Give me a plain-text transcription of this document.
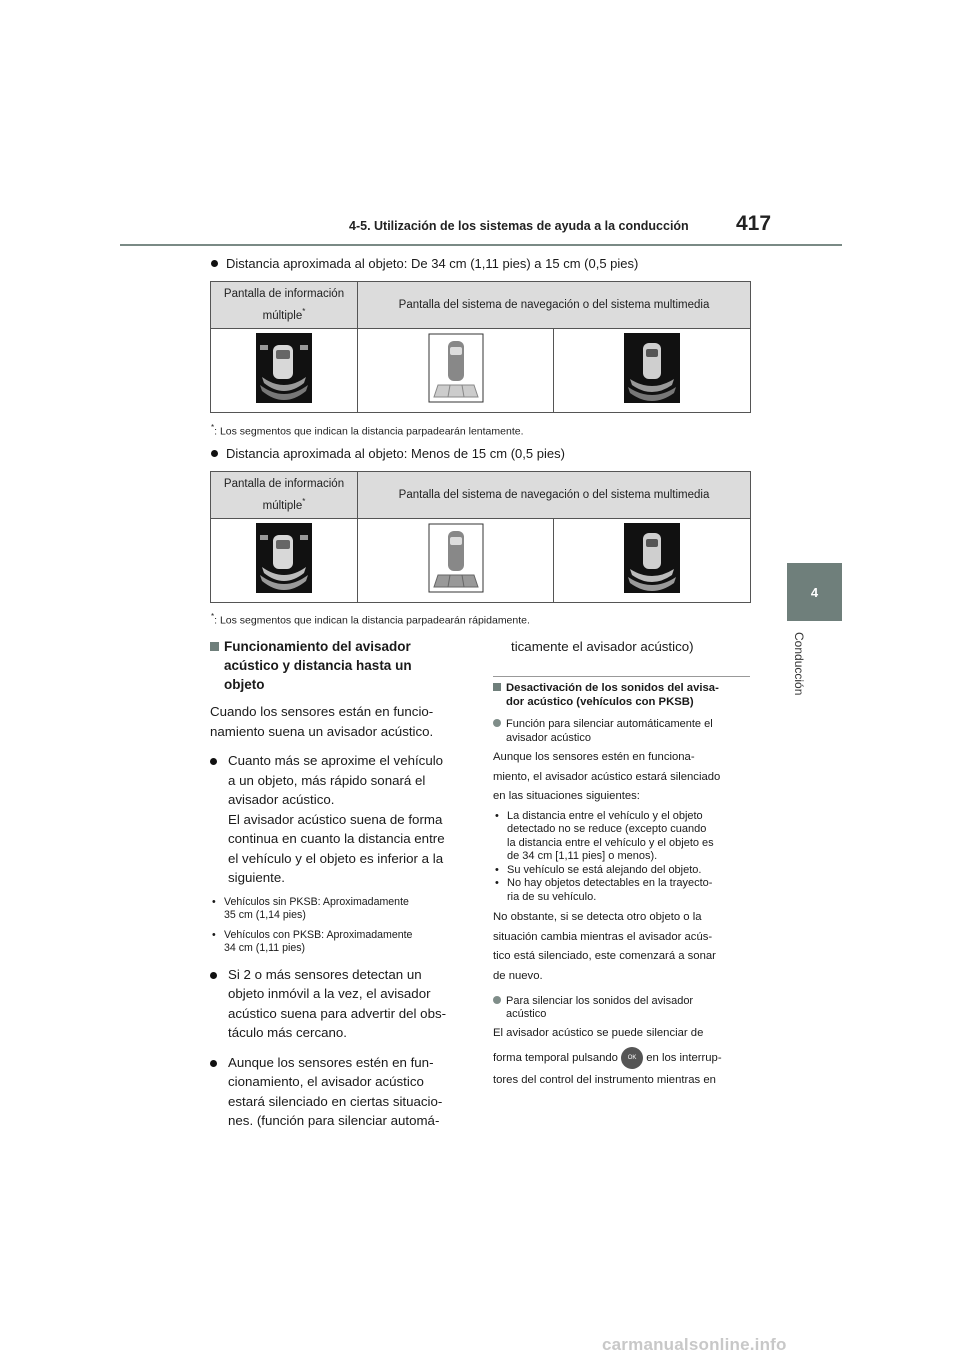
4-5. Utilización de los sistemas de ayuda a la conducción 417
4
Conducción
Distancia aproximada al objeto: De 34 cm (1,11 pies) a 15 cm (0,5 pies)
Pantalla de información
múltiple*	Pantalla del sistema de navegación o del sistema multimedia	

*: Los segmentos que indican la distancia parpadearán lentamente.
Distancia aproximada al objeto: Menos de 15 cm (0,5 pies)
Pantalla de información
múltiple*	Pantalla del sistema de navegación o del sistema multimedia	

*: Los segmentos que indican la distancia parpadearán rápidamente.
Funcionamiento del avisador
acústico y distancia hasta un
objeto
Cuando los sensores están en funcio-
namiento suena un avisador acústico.
Cuanto más se aproxime el vehículo
a un objeto, más rápido sonará el
avisador acústico.
El avisador acústico suena de forma
continua en cuanto la distancia entre
el vehículo y el objeto es inferior a la
siguiente.
• Vehículos sin PKSB: Aproximadamente
35 cm (1,14 pies)
• Vehículos con PKSB: Aproximadamente
34 cm (1,11 pies)
Si 2 o más sensores detectan un
objeto inmóvil a la vez, el avisador
acústico suena para advertir del obs-
táculo más cercano.
Aunque los sensores estén en fun-
cionamiento, el avisador acústico
estará silenciado en ciertas situacio-
nes. (función para silenciar automá-
ticamente el avisador acústico)
Desactivación de los sonidos del avisa-
dor acústico (vehículos con PKSB)
Función para silenciar automáticamente el
avisador acústico
Aunque los sensores estén en funciona-
miento, el avisador acústico estará silenciado
en las situaciones siguientes:
• La distancia entre el vehículo y el objeto
detectado no se reduce (excepto cuando
la distancia entre el vehículo y el objeto es
de 34 cm [1,11 pies] o menos).
• Su vehículo se está alejando del objeto.
• No hay objetos detectables en la trayecto-
ria de su vehículo.
No obstante, si se detecta otro objeto o la
situación cambia mientras el avisador acús-
tico está silenciado, este comenzará a sonar
de nuevo.
Para silenciar los sonidos del avisador
acústico
El avisador acústico se puede silenciar de
forma temporal pulsando OK en los interrup-
tores del control del instrumento mientras en
carmanualsonline.info
